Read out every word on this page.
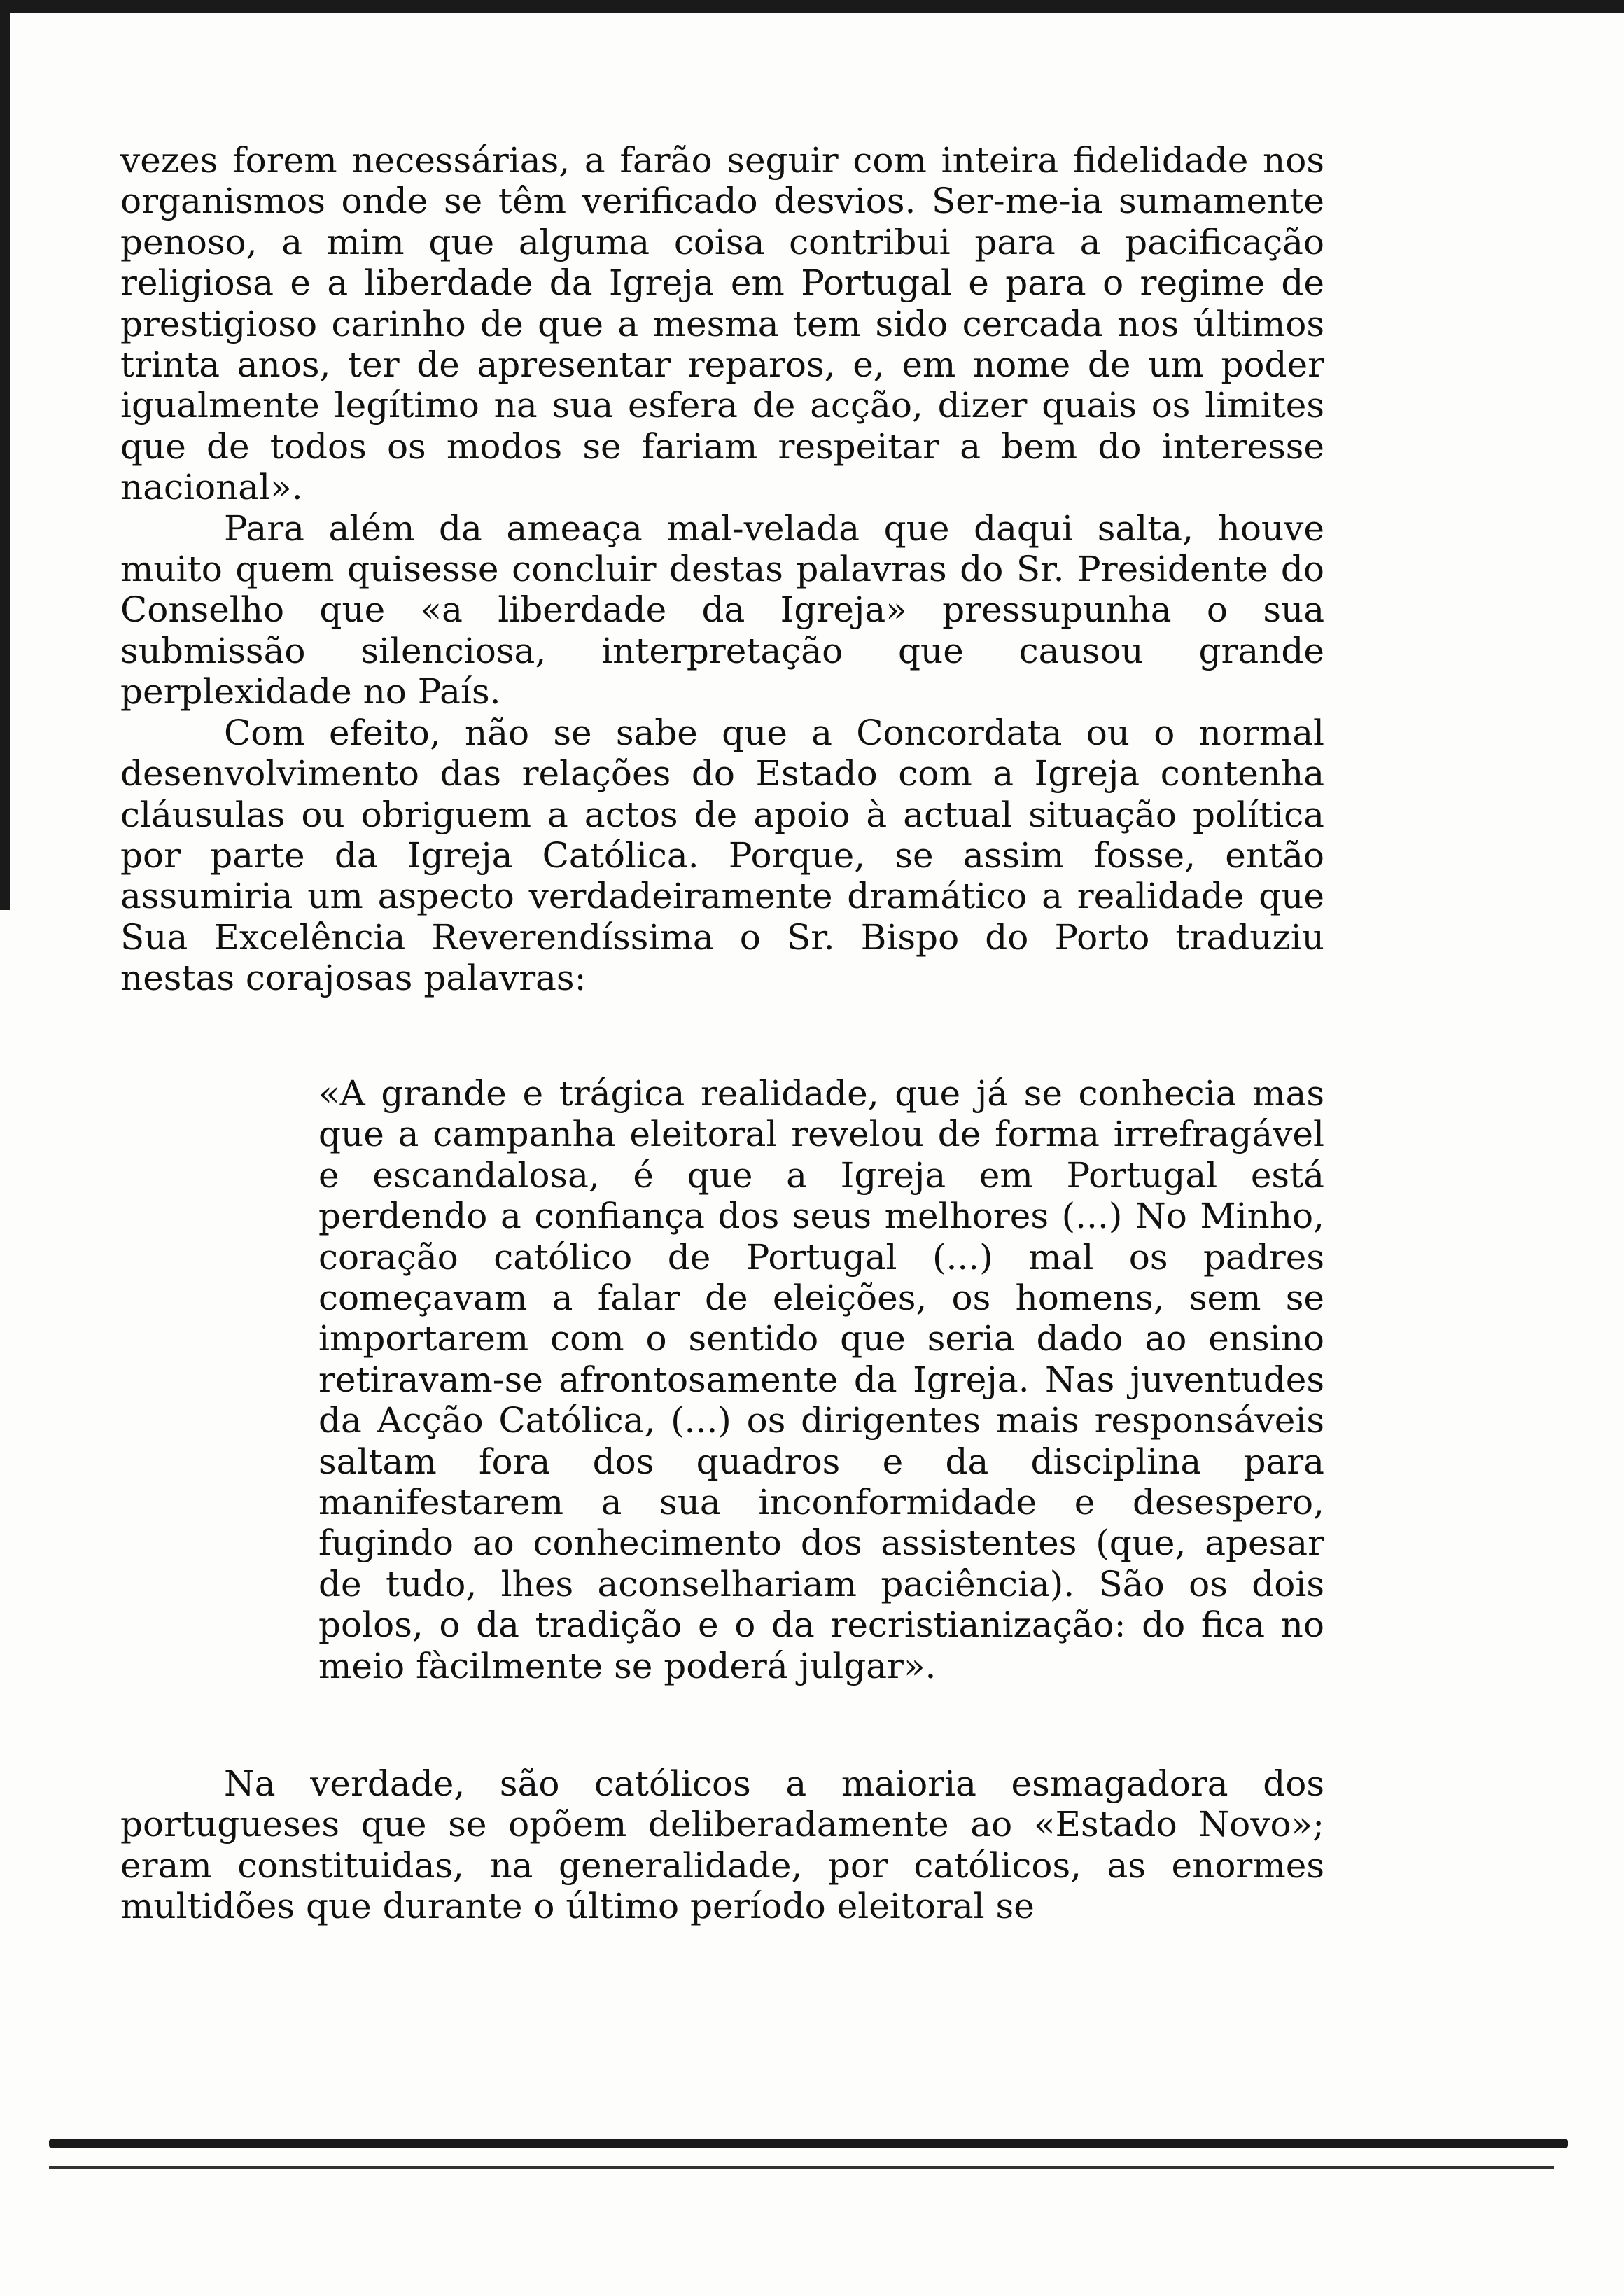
vezes forem necessárias, a farão seguir com inteira fidelidade nos organismos onde se têm verificado desvios. Ser-me-ia sumamente penoso, a mim que alguma coisa contribui para a pacificação religiosa e a liberdade da Igreja em Portugal e para o regime de prestigioso carinho de que a mesma tem sido cercada nos últimos trinta anos, ter de apresentar reparos, e, em nome de um poder igualmente legítimo na sua esfera de acção, dizer quais os limites que de todos os modos se fariam respeitar a bem do interesse nacional».

Para além da ameaça mal-velada que daqui salta, houve muito quem quisesse concluir destas palavras do Sr. Presidente do Conselho que «a liberdade da Igreja» pressupunha o sua submissão silenciosa, interpretação que causou grande perplexidade no País.

Com efeito, não se sabe que a Concordata ou o normal desenvolvimento das relações do Estado com a Igreja contenha cláusulas ou obriguem a actos de apoio à actual situação política por parte da Igreja Católica. Porque, se assim fosse, então assumiria um aspecto verdadeiramente dramático a realidade que Sua Excelência Reverendíssima o Sr. Bispo do Porto traduziu nestas corajosas palavras:

«A grande e trágica realidade, que já se conhecia mas que a campanha eleitoral revelou de forma irrefragável e escandalosa, é que a Igreja em Portugal está perdendo a confiança dos seus melhores (...) No Minho, coração católico de Portugal (...) mal os padres começavam a falar de eleições, os homens, sem se importarem com o sentido que seria dado ao ensino retiravam-se afrontosamente da Igreja. Nas juventudes da Acção Católica, (...) os dirigentes mais responsáveis saltam fora dos quadros e da disciplina para manifestarem a sua inconformidade e desespero, fugindo ao conhecimento dos assistentes (que, apesar de tudo, lhes aconselhariam paciência). São os dois polos, o da tradição e o da recristianização: do fica no meio fàcilmente se poderá julgar».

Na verdade, são católicos a maioria esmagadora dos portugueses que se opõem deliberadamente ao «Estado Novo»; eram constituidas, na generalidade, por católicos, as enormes multidões que durante o último período eleitoral se
